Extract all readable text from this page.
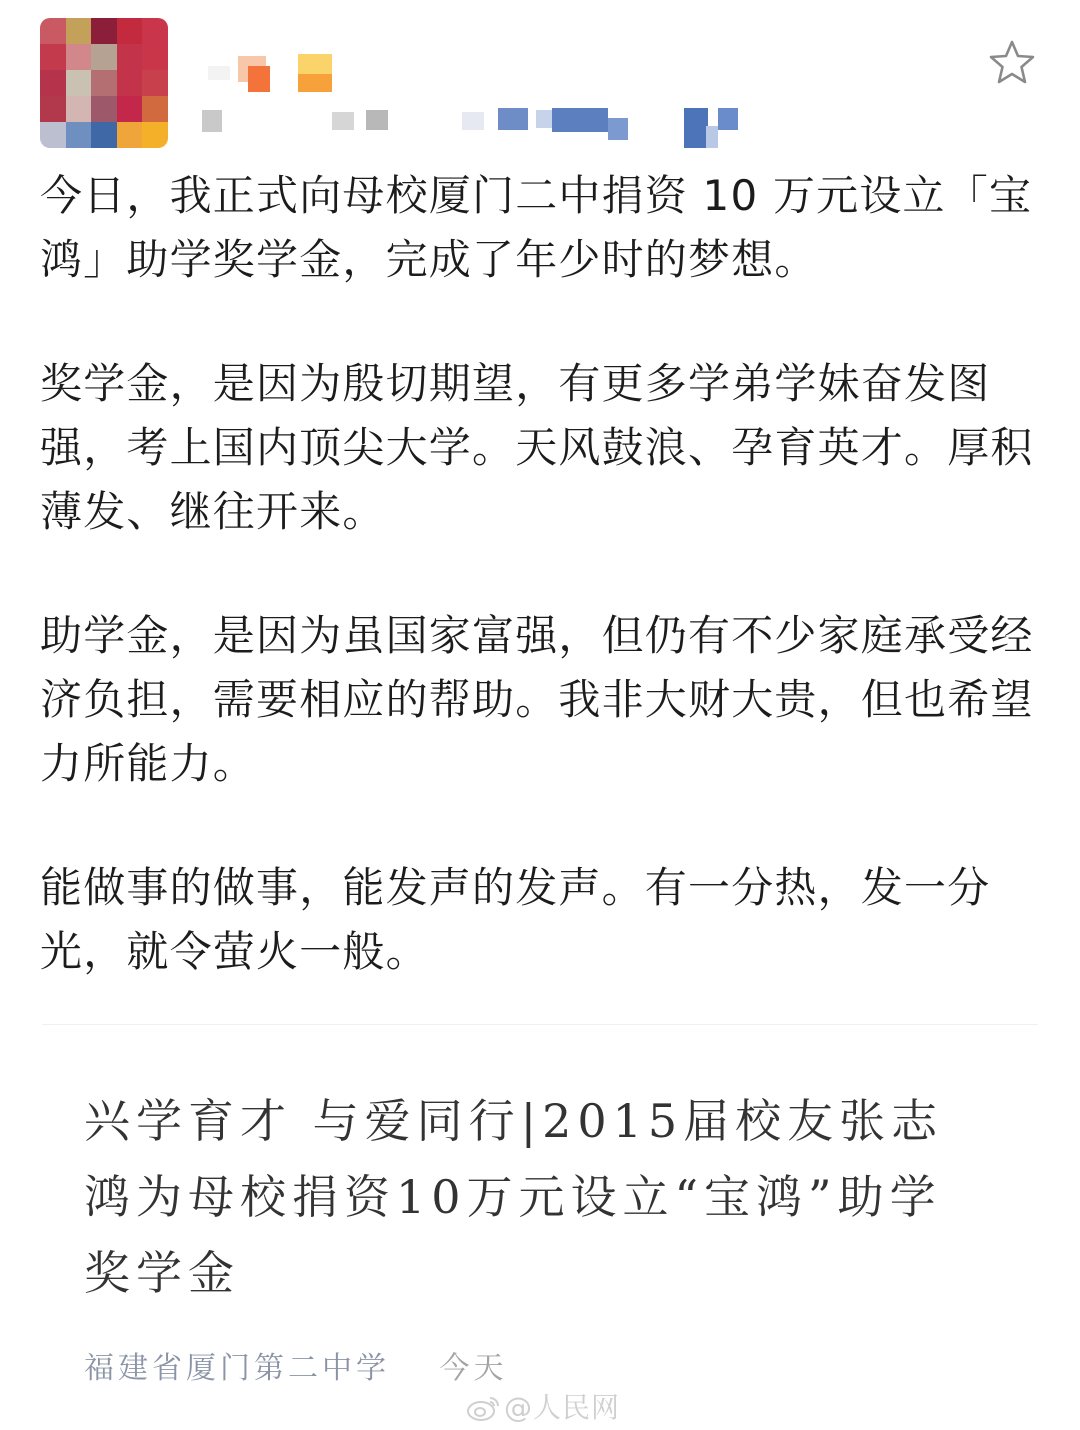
今日，我正式向母校厦门二中捐资 10 万元设立「宝鸿」助学奖学金，完成了年少时的梦想。

奖学金，是因为殷切期望，有更多学弟学妹奋发图强，考上国内顶尖大学。天风鼓浪、孕育英才。厚积薄发、继往开来。

助学金，是因为虽国家富强，但仍有不少家庭承受经济负担，需要相应的帮助。我非大财大贵，但也希望力所能力。

能做事的做事，能发声的发声。有一分热，发一分光，就令萤火一般。

兴学育才 与爱同行|2015届校友张志鸿为母校捐资10万元设立“宝鸿”助学奖学金

福建省厦门第二中学 今天
@人民网
